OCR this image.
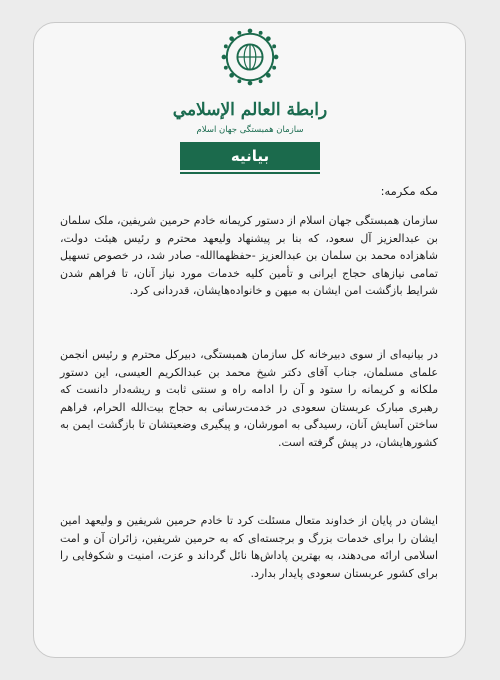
رابطة العالم الإسلامي
سازمان همبستگی جهان اسلام
بیانیه
مکه مکرمه:
سازمان همبستگی جهان اسلام از دستور کریمانه خادم حرمین شریفین، ملک سلمان بن عبدالعزیز آل سعود، که بنا بر پیشنهاد ولیعهد محترم و رئیس هیئت دولت، شاهزاده محمد بن سلمان بن عبدالعزیز -حفظهماالله- صادر شد، در خصوص تسهیل تمامی نیازهای حجاج ایرانی و تأمین کلیه خدمات مورد نیاز آنان، تا فراهم شدن شرایط بازگشت امن ایشان به میهن و خانواده‌هایشان، قدردانی کرد.
در بیانیه‌ای از سوی دبیرخانه کل سازمان همبستگی، دبیرکل محترم و رئیس انجمن علمای مسلمان، جناب آقای دکتر شیخ محمد بن عبدالکریم العیسی، این دستور ملکانه و کریمانه را ستود و آن را ادامه راه و سنتی ثابت و ریشه‌دار دانست که رهبری مبارک عربستان سعودی در خدمت‌رسانی به حجاج بیت‌الله الحرام، فراهم ساختن آسایش آنان، رسیدگی به امورشان، و پیگیری وضعیتشان تا بازگشت ایمن به کشورهایشان، در پیش گرفته است.
ایشان در پایان از خداوند متعال مسئلت کرد تا خادم حرمین شریفین و ولیعهد امین ایشان را برای خدمات بزرگ و برجسته‌ای که به حرمین شریفین، زائران آن و امت اسلامی ارائه می‌دهند، به بهترین پاداش‌ها نائل گرداند و عزت، امنیت و شکوفایی را برای کشور عربستان سعودی پایدار بدارد.
